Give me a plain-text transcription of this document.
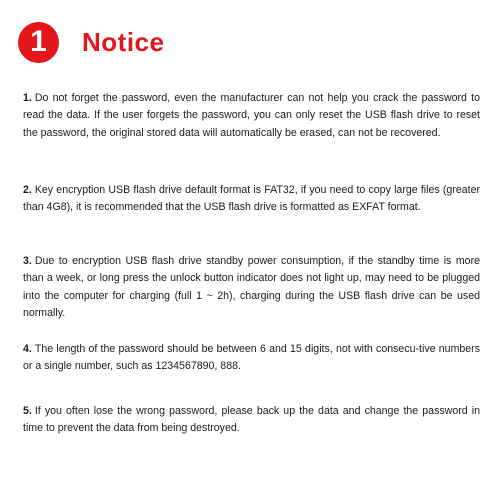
1	Notice

1. Do not forget the password, even the manufacturer can not help you crack the password to read the data. If the user forgets the password, you can only reset the USB flash drive to reset the password, the original stored data will automatically be erased, can not be recovered.

2. Key encryption USB flash drive default format is FAT32, if you need to copy large files (greater than 4G8), it is recommended that the USB flash drive is formatted as EXFAT format.

3. Due to encryption USB flash drive standby power consumption, if the standby time is more than a week, or long press the unlock button indicator does not light up, may need to be plugged into the computer for charging (full 1 ~ 2h), charging during the USB flash drive can be used normally.

4. The length of the password should be between 6 and 15 digits, not with consecu-tive numbers or a single number, such as 1234567890, 888.

5. If you often lose the wrong password, please back up the data and change the password in time to prevent the data from being destroyed.
